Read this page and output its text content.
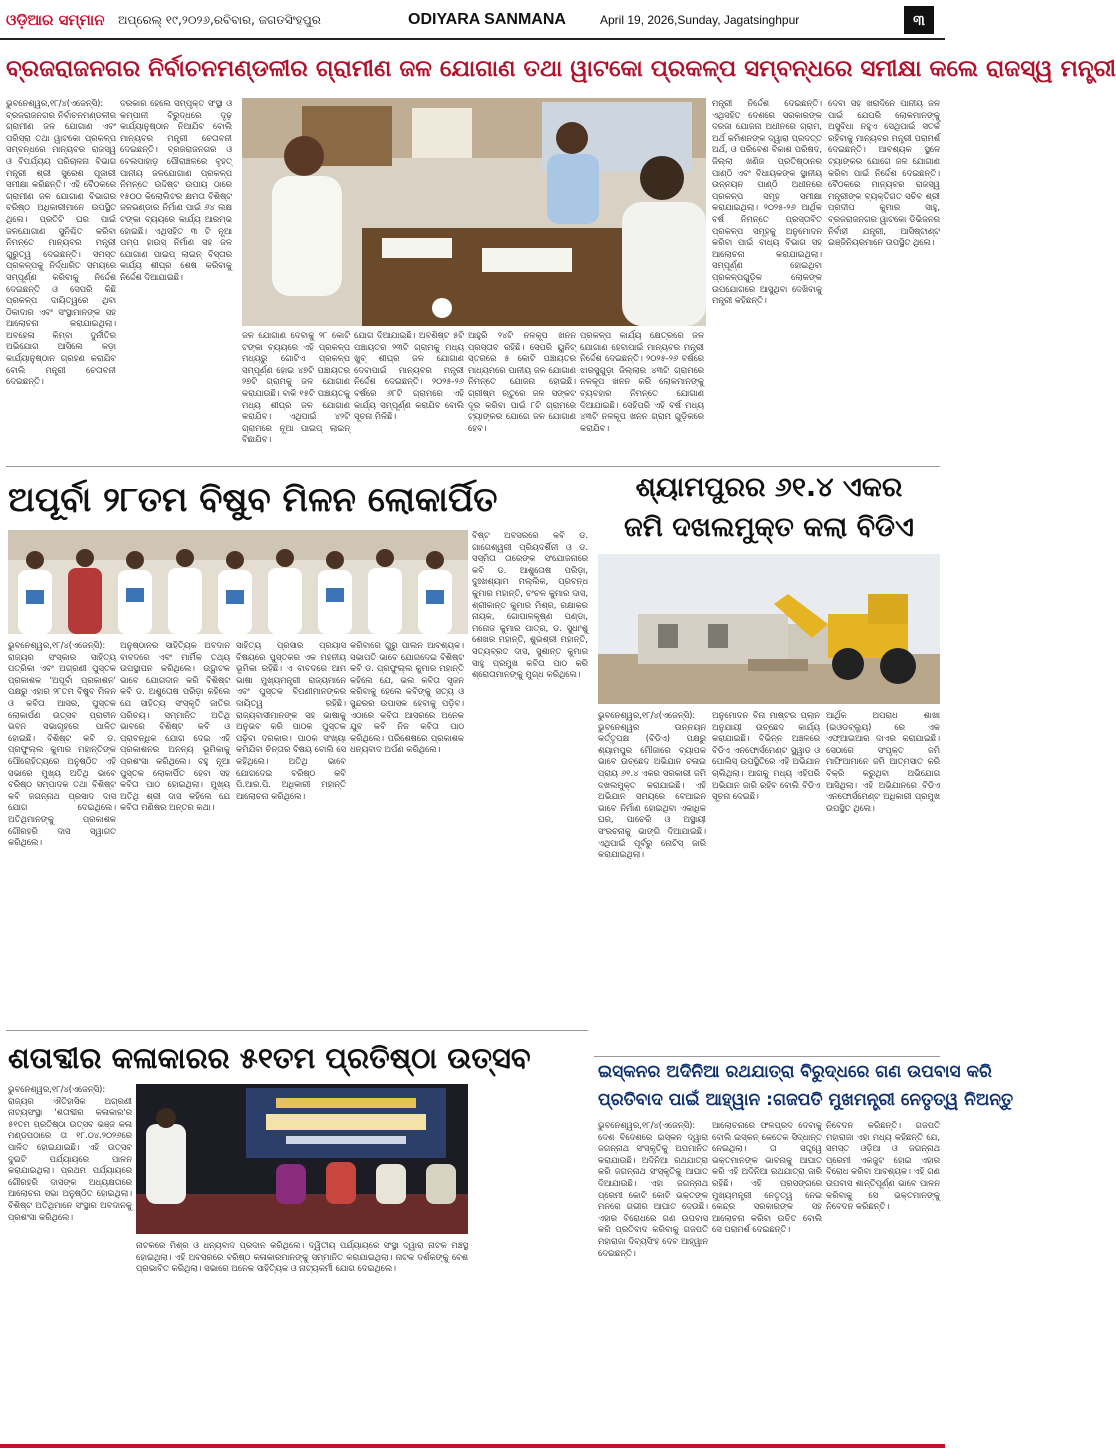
ଓଡ଼ିଆର ସମ୍ମାନ ଅପ୍ରେଲ୍ ୧୯,୨୦୨୬,ରବିବାର, ଜଗତସିଂହପୁର	ODIYARA SANMANA	April 19, 2026,Sunday, Jagatsinghpur	୩
ବ୍ରଜରାଜନଗର ନିର୍ବାଚନମଣ୍ଡଳୀର ଗ୍ରାମୀଣ ଜଳ ଯୋଗାଣ ତଥା ୱାଟକୋ ପ୍ରକଳ୍ପ ସମ୍ବନ୍ଧରେ ସମୀକ୍ଷା କଲେ ରାଜସ୍ୱ ମନ୍ତ୍ରୀ
ଭୁବନେଶ୍ୱର,୧୮/୪(ଏଜେନ୍ସି): ବ୍ରଜରାଜନଗର ନିର୍ବାଚନମଣ୍ଡଳୀର ଗ୍ରାମୀଣ ଜଳ ଯୋଗାଣ ଏବଂ ପରିସ୍ରା ତଥା ୱାଟକୋ ପ୍ରକଳ୍ପ ସମ୍ବନ୍ଧରେ ମାନ୍ୟବର ରାଜସ୍ୱ ଓ ବିପର୍ଯ୍ୟୟ ପରିଚାଳନା ବିଭାଗ ମନ୍ତ୍ରୀ ଶ୍ରୀ ସୁରେଶ ପୂଜାରୀ ସମୀକ୍ଷା କରିଛନ୍ତି। ଏହି ବୈଠକରେ ଗ୍ରାମୀଣ ଜଳ ଯୋଗାଣ ବିଭାଗର ବରିଷ୍ଠ ଅଧିକାରୀମାନେ ଉପସ୍ଥିତ ଥିଲେ। ପ୍ରତିଟି ଘର ପାଇଁ ଜଳଯୋଗାଣ ସୁନିଶ୍ଚିତ କରିବା ନିମନ୍ତେ ମାନ୍ୟବର ମନ୍ତ୍ରୀ ଗୁରୁତ୍ୱ ଦେଇଛନ୍ତି। ସମସ୍ତ ପ୍ରକଳ୍ପକୁ ନିର୍ଦ୍ଧାରିତ ସମୟରେ ସମ୍ପୂର୍ଣ୍ଣ କରିବାକୁ ନିର୍ଦ୍ଦେଶ ଦେଇଛନ୍ତି ଓ ସେପରି କିଛି ପ୍ରକଳ୍ପ ଦାୟିତ୍ୱରେ ଥିବା ଠିକାଦାର ଏବଂ ସଂସ୍ଥାମାନଙ୍କ ସହ ଆଲୋଚନା କରାଯାଇଥିଲା। ଅବହେଳା କିମ୍ବା ଦୁର୍ନୀତିର ଅଭିଯୋଗ ଆସିଲେ କଡ଼ା କାର୍ଯ୍ୟାନୁଷ୍ଠାନ ଗ୍ରହଣ କରାଯିବ ବୋଲି ମନ୍ତ୍ରୀ ଚେତାବନୀ ଦେଇଛନ୍ତି।
ଦରକାର ହେଲେ ସମ୍ପୃକ୍ତ ସଂସ୍ଥା ଓ କମ୍ପାନୀ ବିରୁଦ୍ଧରେ ଦୃଢ଼ କାର୍ଯ୍ୟାନୁଷ୍ଠାନ ନିଆଯିବ ବୋଲି ମାନ୍ୟବର ମନ୍ତ୍ରୀ ଚେତାବନୀ ଦେଇଛନ୍ତି। ବ୍ରଜରାଜନଗର ଓ ବେଲପାହାଡ଼ ପୌରାଞ୍ଚଳରେ ବୃହତ୍ ପାନୀୟ ଜଳଯୋଗାଣ ପ୍ରକଳ୍ପ ନିମନ୍ତେ ଉଦ୍ଦିଷ୍ଟ ଉପାୟ ଠାରେ ୧୫୦୦ କିଲୋଲିଟର କ୍ଷମତା ବିଶିଷ୍ଟ ଜଳଭଣ୍ଡାର ନିର୍ମାଣ ପାଇଁ ୬୪ ଲକ୍ଷ ଟଙ୍କା ବ୍ୟୟରେ କାର୍ଯ୍ୟ ଆରମ୍ଭ ହୋଇଛି। ଏଥିସହିତ ୩ ଟି ନୂଆ ପମ୍ପ ହାଉସ୍ ନିର୍ମାଣ ସହ ଜଳ ଯୋଗାଣ ପାଇପ୍ ଲାଇନ୍ ବିସ୍ତାର କାର୍ଯ୍ୟ ଶୀଘ୍ର ଶେଷ କରିବାକୁ ନିର୍ଦ୍ଦେଶ ଦିଆଯାଇଛି।
ଜଳ ଯୋଗାଣ ଦେବାକୁ ୨୮ କୋଟି ଟଙ୍କା ବ୍ୟୟରେ ଏହି ପ୍ରକଳ୍ପ ମଧ୍ୟରୁ ଗୋଟିଏ ପ୍ରକଳ୍ପ ସମ୍ପୂର୍ଣ୍ଣ ହୋଇ ୪୭ଟି ପଞ୍ଚାୟତର ୨୭ଟି ଗ୍ରାମକୁ ଜଳ ଯୋଗାଣ କରାଯାଉଛି। ବାକି ୧୫ଟି ପଞ୍ଚାୟତକୁ ମଧ୍ୟ ଶୀଘ୍ର ଜଳ ଯୋଗାଣ କରାଯିବ। ଏଥିପାଇଁ ୪୨ଟି ଗ୍ରାମରେ ନୂଆ ପାଇପ୍ ଲାଇନ୍ ବିଛାଯିବ।
ଯୋଗ ଦିଆଯାଇଛି। ଅବଶିଷ୍ଟ ୫ଟି ପଞ୍ଚାୟତର ୨୩ଟି ଗ୍ରାମକୁ ମଧ୍ୟ ଖୁବ୍ ଶୀଘ୍ର ଜଳ ଯୋଗାଣ ଦେବାପାଇଁ ମାନ୍ୟବର ମନ୍ତ୍ରୀ ନିର୍ଦ୍ଦେଶ ଦେଇଛନ୍ତି। ୨୦୨୫-୨୬ ବର୍ଷରେ ୬୮ଟି ଗ୍ରାମରେ ଏହି କାର୍ଯ୍ୟ ସମ୍ପୂର୍ଣ୍ଣ କରାଯିବ ବୋଲି ସୂଚନା ମିଳିଛି।
ଆହୁରି ୨୪ଟି ନଳକୂପ ଖନନ ପ୍ରସ୍ତାବ ରହିଛି। ସେପରି ୟୁନିଟ୍ ସ୍ତରରେ ୫ କୋଟି ପଞ୍ଚାୟତର ମାଧ୍ୟମରେ ପାନୀୟ ଜଳ ଯୋଗାଣ ନିମନ୍ତେ ଯୋଜନା ହୋଇଛି। ଗ୍ରୀଷ୍ମ ଋତୁରେ ଜଳ ସଙ୍କଟ ଦୂର କରିବା ପାଇଁ ୮ଟି ଗ୍ରାମରେ ଟ୍ୟାଙ୍କର ଯୋଗେ ଜଳ ଯୋଗାଣ ହେବ।
ପ୍ରକଳ୍ପ କାର୍ଯ୍ୟ କ୍ଷେତ୍ରରେ ଜଳ ଯୋଗାଣ ହେବାପାଇଁ ମାନ୍ୟବର ମନ୍ତ୍ରୀ ନିର୍ଦ୍ଦେଶ ଦେଇଛନ୍ତି। ୨୦୨୫-୨୬ ବର୍ଷରେ ଝାରସୁଗୁଡ଼ା ଜିଲ୍ଲାର ୪୩ଟି ଗ୍ରାମରେ ନଳକୂପ ଖନନ କରି ଲୋକମାନଙ୍କୁ ବ୍ୟବହାର ନିମନ୍ତେ ଯୋଗାଣ ଦିଆଯାଇଛି। ସେହିପରି ଏହି ବର୍ଷ ମଧ୍ୟ ୪୩ଟି ନଳକୂପ ଖନନ ଗ୍ରାମ ଗୁଡ଼ିକରେ କରାଯିବ।
ମନ୍ତ୍ରୀ ନିର୍ଦ୍ଦେଶ ଦେଇଛନ୍ତି। ଏଥିସହିତ ଦେଶରେ ସରକାରଙ୍କ ଦରଜା ଯୋଜନା ଅଧୀନରେ ଗ୍ରାମ, ଅର୍ଥ କମିଶନଙ୍କ ଦ୍ୱାରା ପ୍ରଦତ୍ତ ଅର୍ଥ, ଓ ପରିବେଶ ବିକାଶ ପରିଷଦ, ଜିଲ୍ଲା ଖଣିଜ ପ୍ରତିଷ୍ଠାନର ପାଣ୍ଠି ଏବଂ ବିଧାୟକଙ୍କ ସ୍ଥାନୀୟ ଉନ୍ନୟନ ପାଣ୍ଠି ଅଧୀନରେ ପ୍ରକଳ୍ପ ସମୂହ ସମୀକ୍ଷା କରାଯାଇଥିଲା। ୨୦୨୫-୨୬ ଆର୍ଥିକ ବର୍ଷ ନିମନ୍ତେ ପ୍ରସ୍ତାବିତ ପ୍ରକଳ୍ପ ସମୂହକୁ ଅନୁମୋଦନ କରିବା ପାଇଁ ବାଧ୍ୟ ବିଭାଗ ସହ ଆଲୋଚନା କରାଯାଇଥିଲା। ସମ୍ପୂର୍ଣ୍ଣ ହୋଇଥିବା ପ୍ରକଳ୍ପଗୁଡ଼ିକ ଲୋକଙ୍କ ଉପଯୋଗରେ ଆସୁଥିବା ଦେଖିବାକୁ ମନ୍ତ୍ରୀ କହିଛନ୍ତି।
ଦେବା ସହ ଖରାଦିନେ ପାନୀୟ ଜଳ ପାଇଁ ଯେପରି ଲୋକମାନଙ୍କୁ ଅସୁବିଧା ନହୁଏ ସେଥିପାଇଁ ସତର୍କ ରହିବାକୁ ମାନ୍ୟବର ମନ୍ତ୍ରୀ ପରାମର୍ଶ ଦେଇଛନ୍ତି। ଆବଶ୍ୟକ ସ୍ଥଳେ ଟ୍ୟାଙ୍କର ଯୋଗେ ଜଳ ଯୋଗାଣ କରିବା ପାଇଁ ନିର୍ଦ୍ଦେଶ ଦେଇଛନ୍ତି। ବୈଠକରେ ମାନ୍ୟବର ରାଜସ୍ୱ ମନ୍ତ୍ରୀଙ୍କ ବ୍ୟକ୍ତିଗତ ସଚିବ ଶ୍ରୀ ପ୍ରଦୀପ କୁମାର ସାହୁ, ବ୍ରଜରାଜନଗର ୱାଟକୋ ଡିଭିଜନର ନିର୍ବାହୀ ଯନ୍ତ୍ରୀ, ଆସିଷ୍ଟାଣ୍ଟ ଇଞ୍ଜିନିୟରମାନେ ଉପସ୍ଥିତ ଥିଲେ।
ଅପୂର୍ବା ୨୮ତମ ବିଷୁବ ମିଳନ ଲୋକାର୍ପିତ
ଭୁବନେଶ୍ୱର,୧୮/୪(ଏଜେନ୍ସି): ରାଜ୍ୟର ସଂସ୍କାର ସାହିତ୍ୟ ପତ୍ରିକା ଏବଂ ଅଗ୍ରଣୀ ପୁସ୍ତକ ପ୍ରକାଶକ 'ଅପୂର୍ବା ପ୍ରକାଶନ' ପକ୍ଷରୁ ଏହାର ୨୮ତମ ବିଷୁବ ମିଳନ ଓ କବିତା ଆସର, ପୁସ୍ତକ ଲୋକାର୍ପଣ ଉତ୍ସବ ପ୍ରାଚୀନ ଭବନ ସଭାଗୃହରେ ପାଳିତ ହୋଇଛି। ବିଶିଷ୍ଟ କବି ଡ. ପ୍ରଫୁଲ୍ଲ କୁମାର ମହାନ୍ତିଙ୍କ ପୌରୋହିତ୍ୟରେ ଅନୁଷ୍ଠିତ ଏହି ସଭାରେ ମୁଖ୍ୟ ଅତିଥି ଭାବେ ବରିଷ୍ଠ ସମ୍ପାଦକ ତଥା ବିଶିଷ୍ଟ କବି ଜଗନ୍ନାଥ ପ୍ରସାଦ ଦାସ ଯୋଗ ଦେଇଥିଲେ। ଅତିଥିମାନଙ୍କୁ ପ୍ରକାଶକ ଗୌରହରି ଦାସ ସ୍ୱାଗତ କରିଥିଲେ।
ଅନୁଷ୍ଠାନର ସାହିତ୍ୟିକ ଅବଦାନ ବାବଦରେ ଏବଂ ମାର୍ମିକ ତଥ୍ୟ ଉପସ୍ଥାପନ କରିଥିଲେ। ଉଦ୍ଘାଟକ ଭାବେ ଯୋଗଦାନ କରି ବିଶିଷ୍ଟ କବି ଡ. ଅଶୁତୋଷ ପରିଡ଼ା କହିଲେ ଯେ ସାହିତ୍ୟ ସଂସ୍କୃତି ଜାତିର ପରିଚୟ। ସମ୍ମାନିତ ଅତିଥି ଭାବରେ ବିଶିଷ୍ଟ କବି ଓ ପ୍ରାବନ୍ଧିକ ଯୋଗ ଦେଇ ଏହି ପ୍ରକାଶନର ଅନନ୍ୟ ଭୂମିକାକୁ ପ୍ରଶଂସା କରିଥିଲେ। ବହୁ ନୂଆ ପୁସ୍ତକ ଲୋକାର୍ପିତ ହେବା ସହ କବିତା ପାଠ ହୋଇଥିଲା। ମୁଖ୍ୟ ଅତିଥି ଶ୍ରୀ ଦାସ କହିଲେ ଯେ କବିତା ମଣିଷର ଅନ୍ତର କଥା।
ସାହିତ୍ୟ ପ୍ରସାର ପ୍ରୟାସ ବିଷୟରେ ପୁସ୍ତକର ଏକ ମହନୀୟ ଭୂମିକା ରହିଛି। ଏ ବାବଦରେ ଆମ ଭାଷା ମୁଖ୍ୟମନ୍ତ୍ରୀ ରାଜ୍ୟମାନେ ଏବଂ ପୁସ୍ତକ ବିପଣୀମାନଙ୍କର ଦାୟିତ୍ୱ ରହିଛି। ରାଜ୍ୟବାସୀମାନଙ୍କ ସହ ଭାଷାକୁ ଅନୁଭବ କରି ପାଠକ ପୁସ୍ତକ ପଢ଼ିବା ଦରକାର। ପାଠକ ସଂଖ୍ୟା କମିଯିବା ଚିନ୍ତାର ବିଷୟ ବୋଲି ସେ କହିଥିଲେ। ଅତିଥି ଭାବେ ଯୋଗଦେଇ ବରିଷ୍ଠ କବି ପି.ଆର.ପି. ଅଧିକାରୀ ମହାନ୍ତି ଆଲୋଚନା କରିଥିଲେ।
କରିବାରେ ଗୁରୁ ପାଲନ ଆବଶ୍ୟକ। ସଭାପତି ଭାବେ ଯୋଗଦେଇ ବିଶିଷ୍ଟ କବି ଡ. ପ୍ରଫୁଲ୍ଲ କୁମାର ମହାନ୍ତି କହିଲେ ଯେ, ଭଲ କବିତା ସୃଜନ କରିବାକୁ ହେଲେ କବିଙ୍କୁ ସତ୍ୟ ଓ ସୁନ୍ଦରର ଉପାସକ ହେବାକୁ ପଡ଼ିବ। ଏଠାରେ କବିତା ଆସରରେ ଅନେକ ଯୁବ କବି ନିଜ କବିତା ପାଠ କରିଥିଲେ। ପରିଶେଷରେ ପ୍ରକାଶକ ଧନ୍ୟବାଦ ଅର୍ପଣ କରିଥିଲେ।
ବିଷ୍ଟ ଅବସରରେ କବି ଡ. ଗାଗେଶ୍ୱରୀ ପ୍ରିୟଦର୍ଶିନୀ ଓ ଡ. ସସ୍ମିତା ତାରେଙ୍କ ସଂଯୋଜନାରେ କବି ଡ. ଆଶୁତୋଷ ପରିଡ଼ା, ଦୁଃଖଶ୍ୟାମ ମଲ୍ଲିକ, ପ୍ରବନ୍ଧ କୁମାର ମହାନ୍ତି, ଚଂଚଳ କୁମାର ଦାସ, ଶ୍ରୀକାନ୍ତ କୁମାର ମିଶ୍ର, ରକ୍ଷାକର ନାୟକ, ଗୋପାଳକୃଷ୍ଣ ପଣ୍ଡା, ମନୋଜ କୁମାର ପାତ୍ର, ଡ. ସୁଧାଂଶୁ ଶେଖର ମହାନ୍ତି, ଶୁଭଶ୍ରୀ ମହାନ୍ତି, ସତ୍ୟବ୍ରତ ଦାସ, ସୁଶାନ୍ତ କୁମାର ସାହୁ ପ୍ରମୁଖ କବିତା ପାଠ କରି ଶ୍ରୋତାମାନଙ୍କୁ ମୁଗ୍ଧ କରିଥିଲେ।
ଶ୍ୟାମପୁରର ୬୧.୪ ଏକର
ଜମି ଦଖଲମୁକ୍ତ କଲା ବିଡିଏ
ଭୁବନେଶ୍ୱର,୧୮/୪(ଏଜେନ୍ସି): ଭୁବନେଶ୍ୱର ଉନ୍ନୟନ କର୍ତ୍ତୃପକ୍ଷ (ବିଡିଏ) ପକ୍ଷରୁ ଶ୍ୟାମପୁର ମୌଜାରେ ବ୍ୟାପକ ଭାବେ ଉଚ୍ଛେଦ ଅଭିଯାନ ଚଳାଇ ପ୍ରାୟ ୬୧.୪ ଏକର ସରକାରୀ ଜମି ଦଖଲମୁକ୍ତ କରାଯାଇଛି। ଏହି ଅଭିଯାନ ସମୟରେ ବେଆଇନ ଭାବେ ନିର୍ମାଣ ହୋଇଥିବା ଏକାଧିକ ଘର, ପାଚେରି ଓ ଅସ୍ଥାୟୀ ସଂରଚନାକୁ ଭାଙ୍ଗି ଦିଆଯାଇଛି। ଏଥିପାଇଁ ପୂର୍ବରୁ ନୋଟିସ୍ ଜାରି କରାଯାଇଥିଲା।
ଅନୁମୋଦନ ବିନା ମାଷ୍ଟର ପ୍ଲାନ ଅନୁଯାୟୀ ଉଚ୍ଛେଦ କାର୍ଯ୍ୟ କରାଯାଇଛି। ବିଭିନ୍ନ ଅଞ୍ଚଳରେ ବିଡିଏ ଏନଫୋର୍ସମେଣ୍ଟ ସ୍କ୍ୱାଡ ଓ ପୋଲିସ୍ ଉପସ୍ଥିତିରେ ଏହି ଅଭିଯାନ ଚାଲିଥିଲା। ଆଗକୁ ମଧ୍ୟ ଏହିପରି ଅଭିଯାନ ଜାରି ରହିବ ବୋଲି ବିଡିଏ ସୂଚନା ଦେଇଛି।
ଆର୍ଥିକ ଅପରାଧ ଶାଖା (ଇଓଡବ୍ଲ୍ୟୁ) ରେ ଏକ ଏଫ୍ଆଇଆର ଦାଏର କରାଯାଇଛି। ସେଠାରେ ସଂପୃକ୍ତ ଜମି ମାଫିଆମାନେ ଜମି ଆତ୍ମସାତ କରି ବିକ୍ରି କରୁଥିବା ଅଭିଯୋଗ ଆସିଥିଲା। ଏହି ଅଭିଯାନରେ ବିଡିଏ ଏନଫୋର୍ସମେଣ୍ଟ ଅଧିକାରୀ ପ୍ରମୁଖ ଉପସ୍ଥିତ ଥିଲେ।
ଶତାବ୍ଦୀର କଳାକାରର ୫୧ତମ ପ୍ରତିଷ୍ଠା ଉତ୍ସବ
ଭୁବନେଶ୍ୱର,୧୮/୪(ଏଜେନ୍ସି): ରାଜ୍ୟର ଐତିହାସିକ ଅଗ୍ରଣୀ ନାଟ୍ୟସଂସ୍ଥା 'ଶତାବ୍ଦୀର କଳାକାର'ର ୫୧ତମ ପ୍ରତିଷ୍ଠା ଉତ୍ସବ ଭଞ୍ଜ କଳା ମଣ୍ଡପଠାରେ ତା ୧୮.୦୪.୨୦୨୬ରେ ପାଳିତ ହୋଇଯାଇଛି। ଏହି ଉତ୍ସବ ଦୁଇଟି ପର୍ଯ୍ୟାୟରେ ପାଳନ କରାଯାଇଥିଲା। ପ୍ରଥମ ପର୍ଯ୍ୟାୟରେ ଗୌରହରି ଦାସଙ୍କ ଅଧ୍ୟକ୍ଷତାରେ ଆଲୋଚନା ସଭା ଅନୁଷ୍ଠିତ ହୋଇଥିଲା। ବିଶିଷ୍ଟ ଅତିଥିମାନେ ସଂସ୍ଥାର ଅବଦାନକୁ ପ୍ରଶଂସା କରିଥିଲେ।
ନାଟକରେ ମିଶ୍ର ଓ ଧନ୍ୟବାଦ ପ୍ରଦାନ କରିଥିଲେ। ଦ୍ୱିତୀୟ ପର୍ଯ୍ୟାୟରେ ସଂସ୍ଥା ଦ୍ୱାରା ନାଟକ ମଞ୍ଚସ୍ଥ ହୋଇଥିଲା। ଏହି ଅବସରରେ ବରିଷ୍ଠ କଳାକାରମାନଙ୍କୁ ସମ୍ମାନିତ କରାଯାଇଥିଲା। ନାଟକ ଦର୍ଶକଙ୍କୁ ବେଶ ପ୍ରଭାବିତ କରିଥିଲା। ସଭାରେ ଅନେକ ସାହିତ୍ୟିକ ଓ ନାଟ୍ୟକର୍ମୀ ଯୋଗ ଦେଇଥିଲେ।
ଇସ୍କନର ଅଦିନିଆ ରଥଯାତ୍ରା ବିରୁଦ୍ଧରେ ଗଣ ଉପବାସ କରି
ପ୍ରତିବାଦ ପାଇଁ ଆହ୍ୱାନ :ଗଜପତି ମୁଖମନ୍ତ୍ରୀ ନେତୃତ୍ୱ ନିଅନ୍ତୁ
ଭୁବନେଶ୍ୱର,୧୮/୪(ଏଜେନ୍ସି): ଦେଶ ବିଦେଶରେ ଇସ୍କନ ଦ୍ୱାରା ଜଗନ୍ନାଥ ସଂସ୍କୃତିକୁ ଅପମାନିତ କରାଯାଉଛି। ଅଦିନିଆ ରଥଯାତ୍ରା କରି ଜଗନ୍ନାଥ ସଂସ୍କୃତିକୁ ଆଘାତ ଦିଆଯାଉଛି। ଏହା ଜଗନ୍ନାଥ ପ୍ରେମୀ କୋଟି କୋଟି ଭକ୍ତଙ୍କ ମନରେ ଗଭୀର ଆଘାତ ଦେଉଛି। ଏହାର ବିରୋଧରେ ଗଣ ଉପବାସ କରି ପ୍ରତିବାଦ କରିବାକୁ ଗଜପତି ମହାରାଜା ଦିବ୍ୟସିଂହ ଦେବ ଆହ୍ୱାନ ଦେଇଛନ୍ତି।
ଆଲୋଚନାରେ ଫଳପ୍ରଦ ଦେବାକୁ ବୋଲି ଇସ୍କନ୍ କେତେକ ସିଦ୍ଧାନ୍ତ ନେଇଥିଲା। ତା ସତ୍ତ୍ୱେ ଭକ୍ତମାନଙ୍କ ଭାବନାକୁ ଆଘାତ କରି ଏହି ଅଦିନିଆ ରଥଯାତ୍ରା ଜାରି ରହିଛି। ଏହି ପ୍ରସଙ୍ଗରେ ମୁଖ୍ୟମନ୍ତ୍ରୀ ନେତୃତ୍ୱ ନେଇ କେନ୍ଦ୍ର ସରକାରଙ୍କ ସହ ଆଲୋଚନା କରିବା ଉଚିତ ବୋଲି ସେ ପରାମର୍ଶ ଦେଇଛନ୍ତି।
ନିବେଦନ କରିଛନ୍ତି। ଗଜପତି ମହାରାଜା ଏହା ମଧ୍ୟ କହିଛନ୍ତି ଯେ, ସମସ୍ତ ଓଡ଼ିଆ ଓ ଜଗନ୍ନାଥ ପ୍ରେମୀ ଏକଜୁଟ ହୋଇ ଏହାର ବିରୋଧ କରିବା ଆବଶ୍ୟକ। ଏହି ଗଣ ଉପବାସ ଶାନ୍ତିପୂର୍ଣ୍ଣ ଭାବେ ପାଳନ କରିବାକୁ ସେ ଭକ୍ତମାନଙ୍କୁ ନିବେଦନ କରିଛନ୍ତି।
